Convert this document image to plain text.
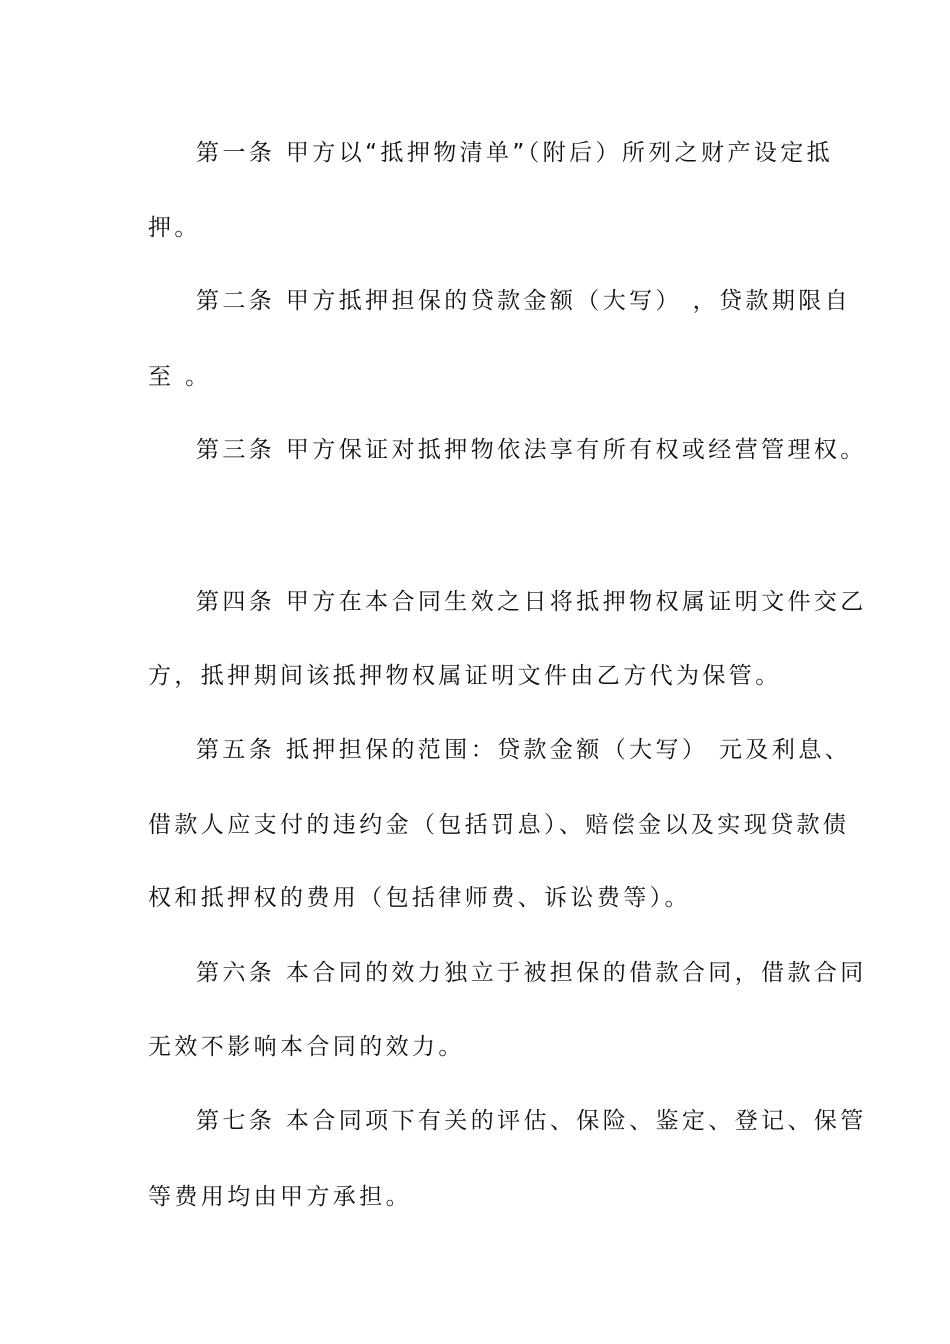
第一条 甲方以“抵押物清单”（附后）所列之财产设定抵
押。
第二条 甲方抵押担保的贷款金额（大写） ，贷款期限自
至 。
第三条 甲方保证对抵押物依法享有所有权或经营管理权。
第四条 甲方在本合同生效之日将抵押物权属证明文件交乙
方，抵押期间该抵押物权属证明文件由乙方代为保管。
第五条 抵押担保的范围：贷款金额（大写） 元及利息、
借款人应支付的违约金（包括罚息）、赔偿金以及实现贷款债
权和抵押权的费用（包括律师费、诉讼费等）。
第六条 本合同的效力独立于被担保的借款合同，借款合同
无效不影响本合同的效力。
第七条 本合同项下有关的评估、保险、鉴定、登记、保管
等费用均由甲方承担。
